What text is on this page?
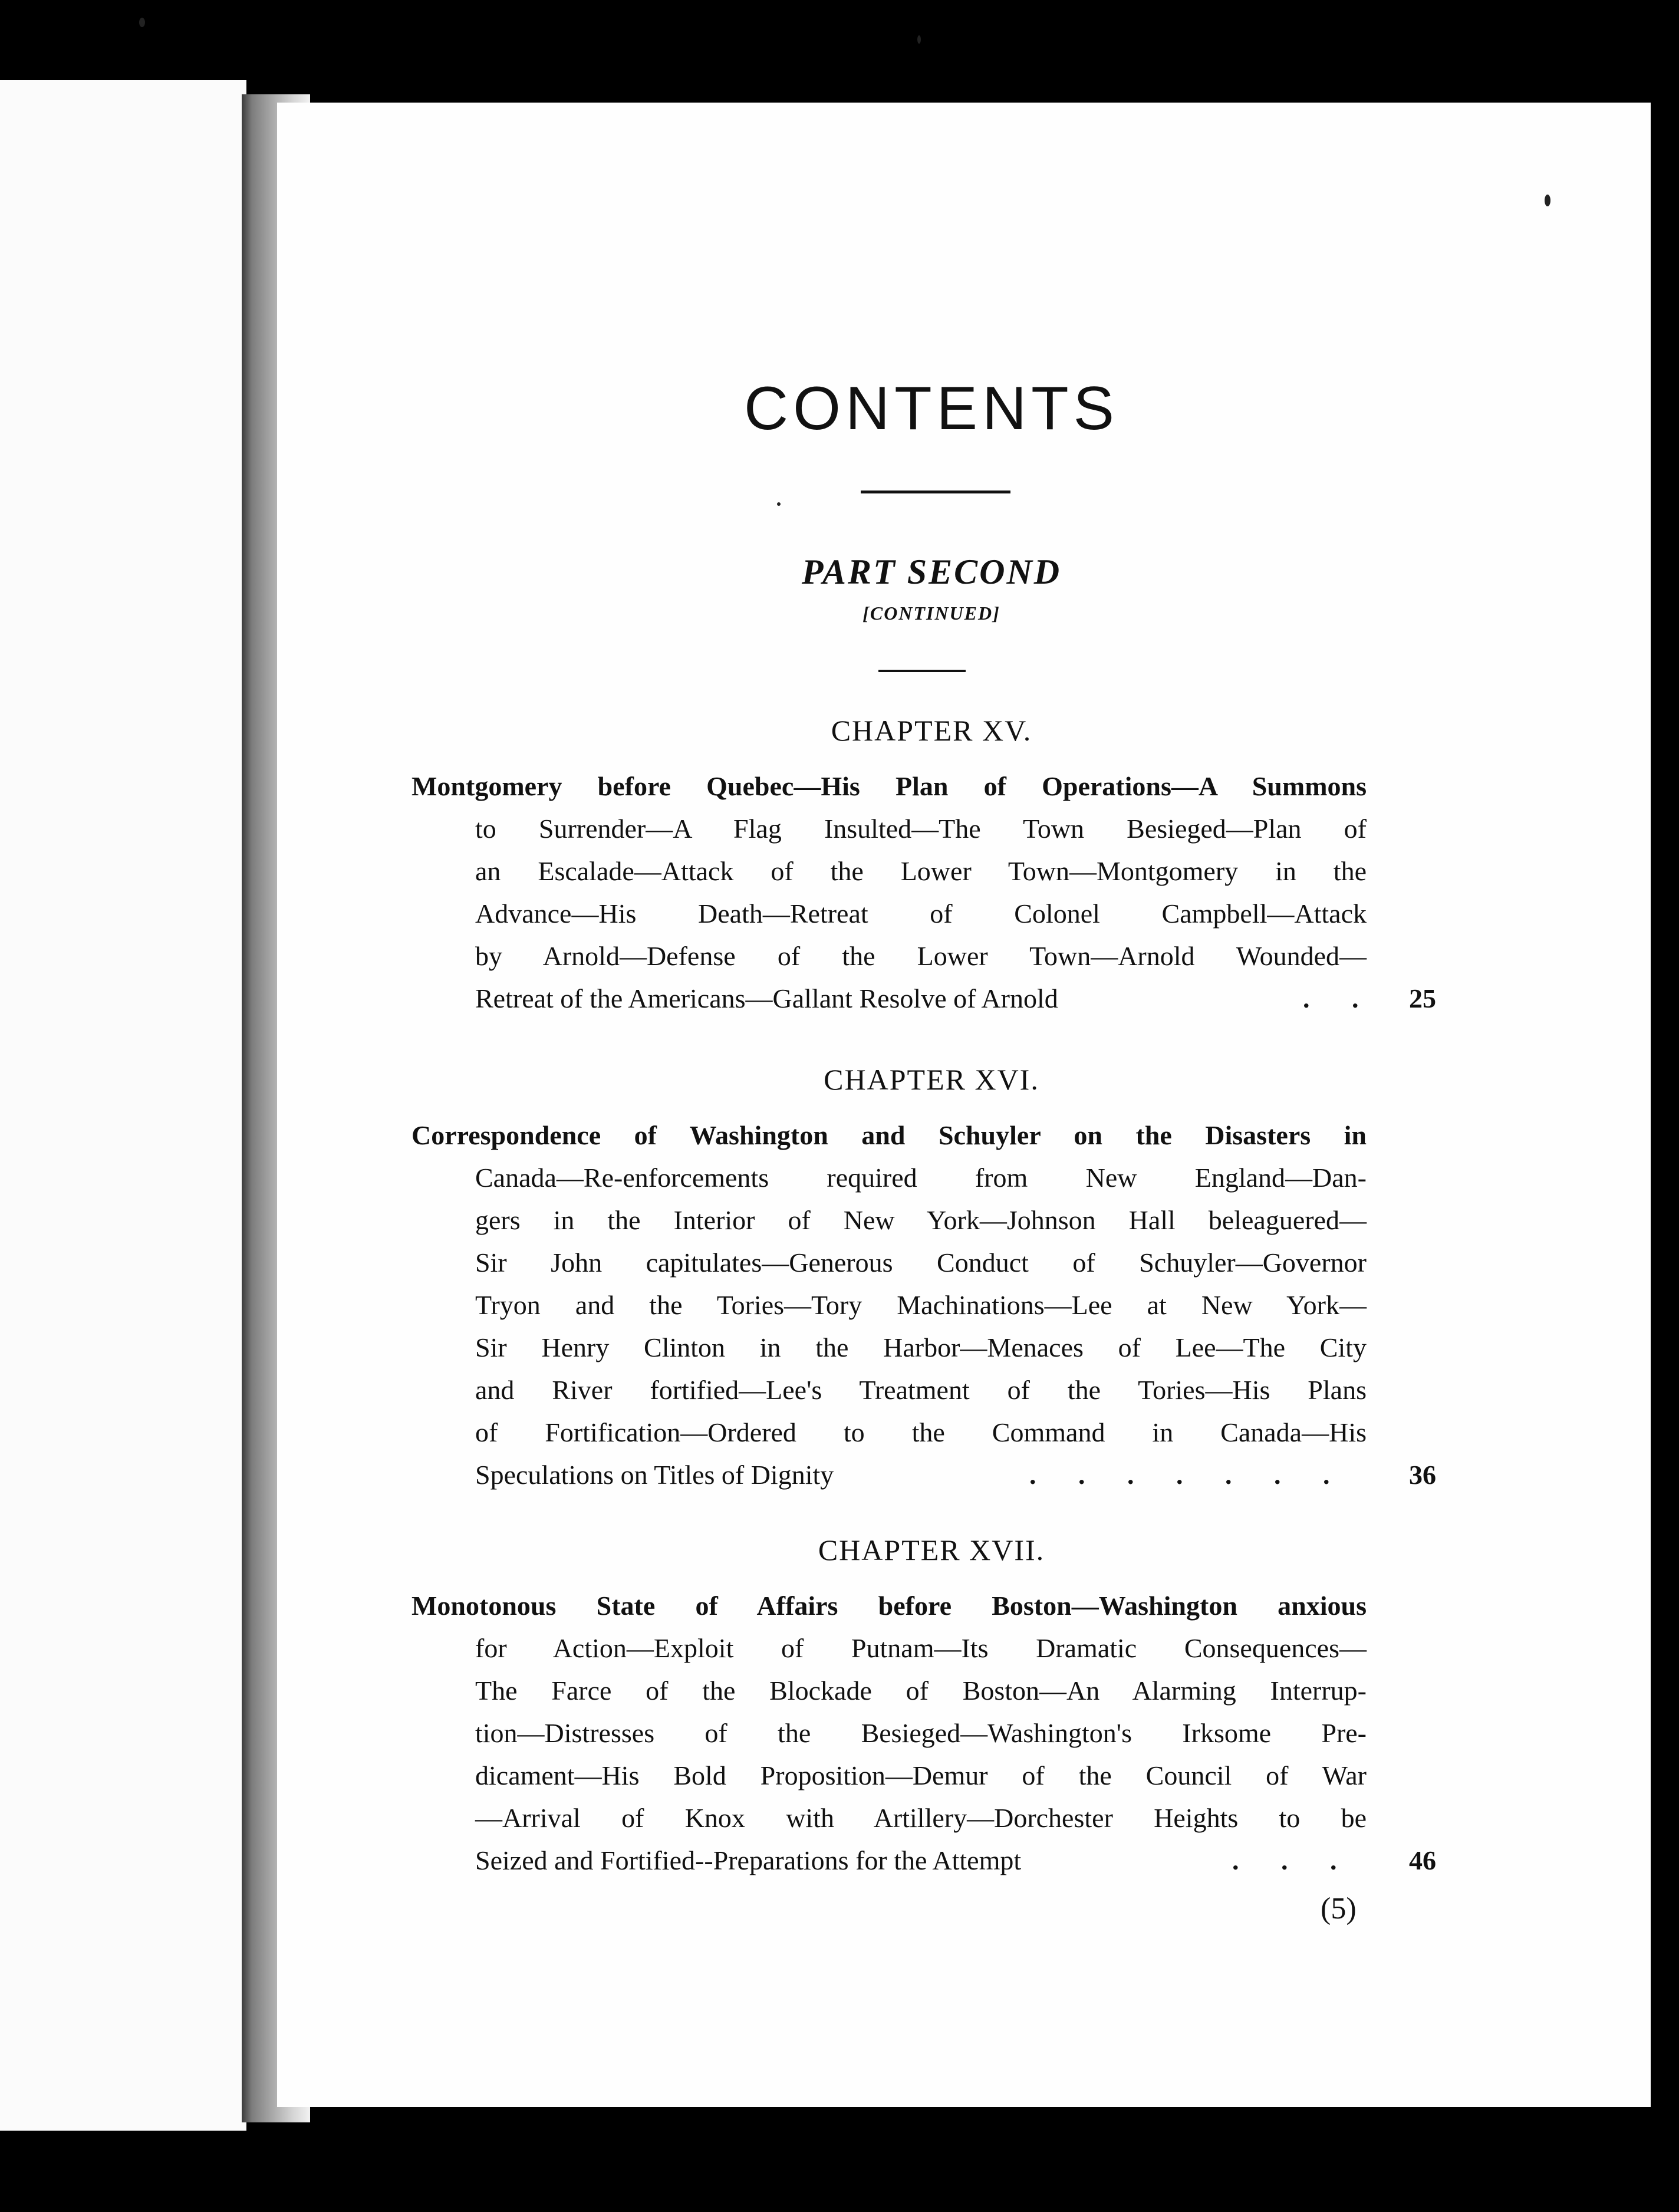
CONTENTS
PART SECOND
[CONTINUED]
CHAPTER XV.
Montgomery before Quebec—His Plan of Operations—A Summons
to Surrender—A Flag Insulted—The Town Besieged—Plan of
an Escalade—Attack of the Lower Town—Montgomery in the
Advance—His Death—Retreat of Colonel Campbell—Attack
by Arnold—Defense of the Lower Town—Arnold Wounded—
Retreat of the Americans—Gallant Resolve of Arnold	. . 25
CHAPTER XVI.
Correspondence of Washington and Schuyler on the Disasters in
Canada—Re-enforcements required from New England—Dan-
gers in the Interior of New York—Johnson Hall beleaguered—
Sir John capitulates—Generous Conduct of Schuyler—Governor
Tryon and the Tories—Tory Machinations—Lee at New York—
Sir Henry Clinton in the Harbor—Menaces of Lee—The City
and River fortified—Lee's Treatment of the Tories—His Plans
of Fortification—Ordered to the Command in Canada—His
Speculations on Titles of Dignity	. . . . . . . 36
CHAPTER XVII.
Monotonous State of Affairs before Boston—Washington anxious
for Action—Exploit of Putnam—Its Dramatic Consequences—
The Farce of the Blockade of Boston—An Alarming Interrup-
tion—Distresses of the Besieged—Washington's Irksome Pre-
dicament—His Bold Proposition—Demur of the Council of War
—Arrival of Knox with Artillery—Dorchester Heights to be
Seized and Fortified--Preparations for the Attempt	. . . 46
(5)
